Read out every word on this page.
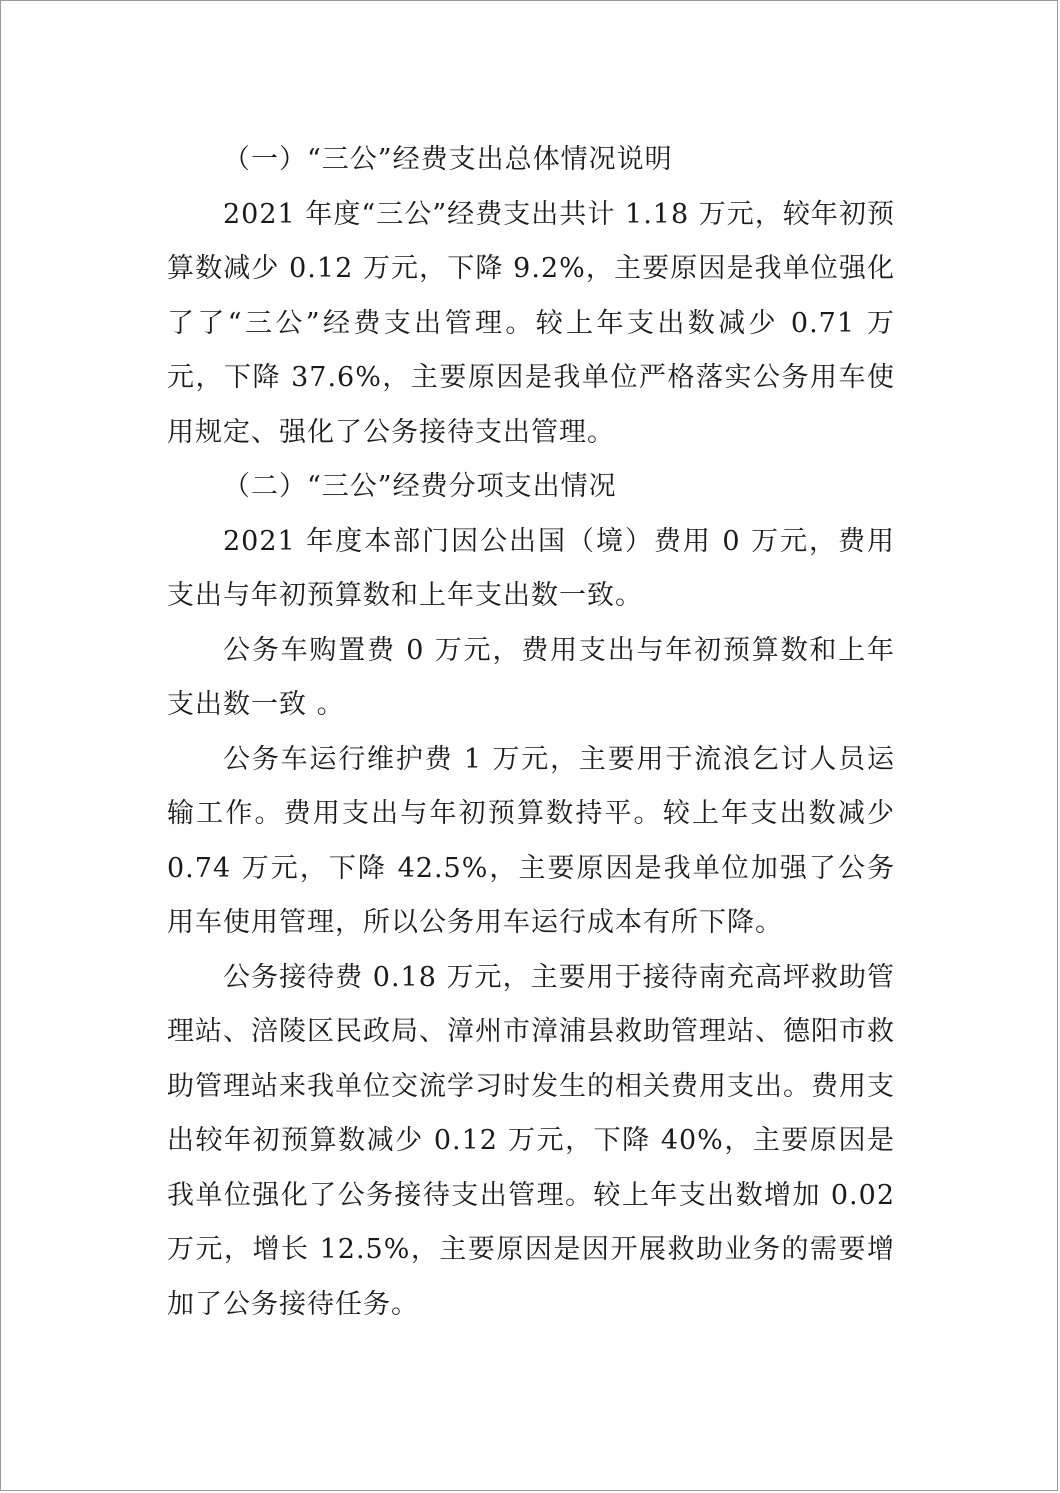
（一）“三公”经费支出总体情况说明

2021 年度“三公”经费支出共计 1.18 万元，较年初预算数减少 0.12 万元，下降 9.2%，主要原因是我单位强化了了“三公”经费支出管理。较上年支出数减少 0.71 万元，下降 37.6%，主要原因是我单位严格落实公务用车使用规定、强化了公务接待支出管理。

（二）“三公”经费分项支出情况

2021 年度本部门因公出国（境）费用 0 万元，费用支出与年初预算数和上年支出数一致。

公务车购置费 0 万元，费用支出与年初预算数和上年支出数一致 。

公务车运行维护费 1 万元，主要用于流浪乞讨人员运输工作。费用支出与年初预算数持平。较上年支出数减少 0.74 万元，下降 42.5%，主要原因是我单位加强了公务用车使用管理，所以公务用车运行成本有所下降。

公务接待费 0.18 万元，主要用于接待南充高坪救助管理站、涪陵区民政局、漳州市漳浦县救助管理站、德阳市救助管理站来我单位交流学习时发生的相关费用支出。费用支出较年初预算数减少 0.12 万元，下降 40%，主要原因是我单位强化了公务接待支出管理。较上年支出数增加 0.02 万元，增长 12.5%，主要原因是因开展救助业务的需要增加了公务接待任务。
